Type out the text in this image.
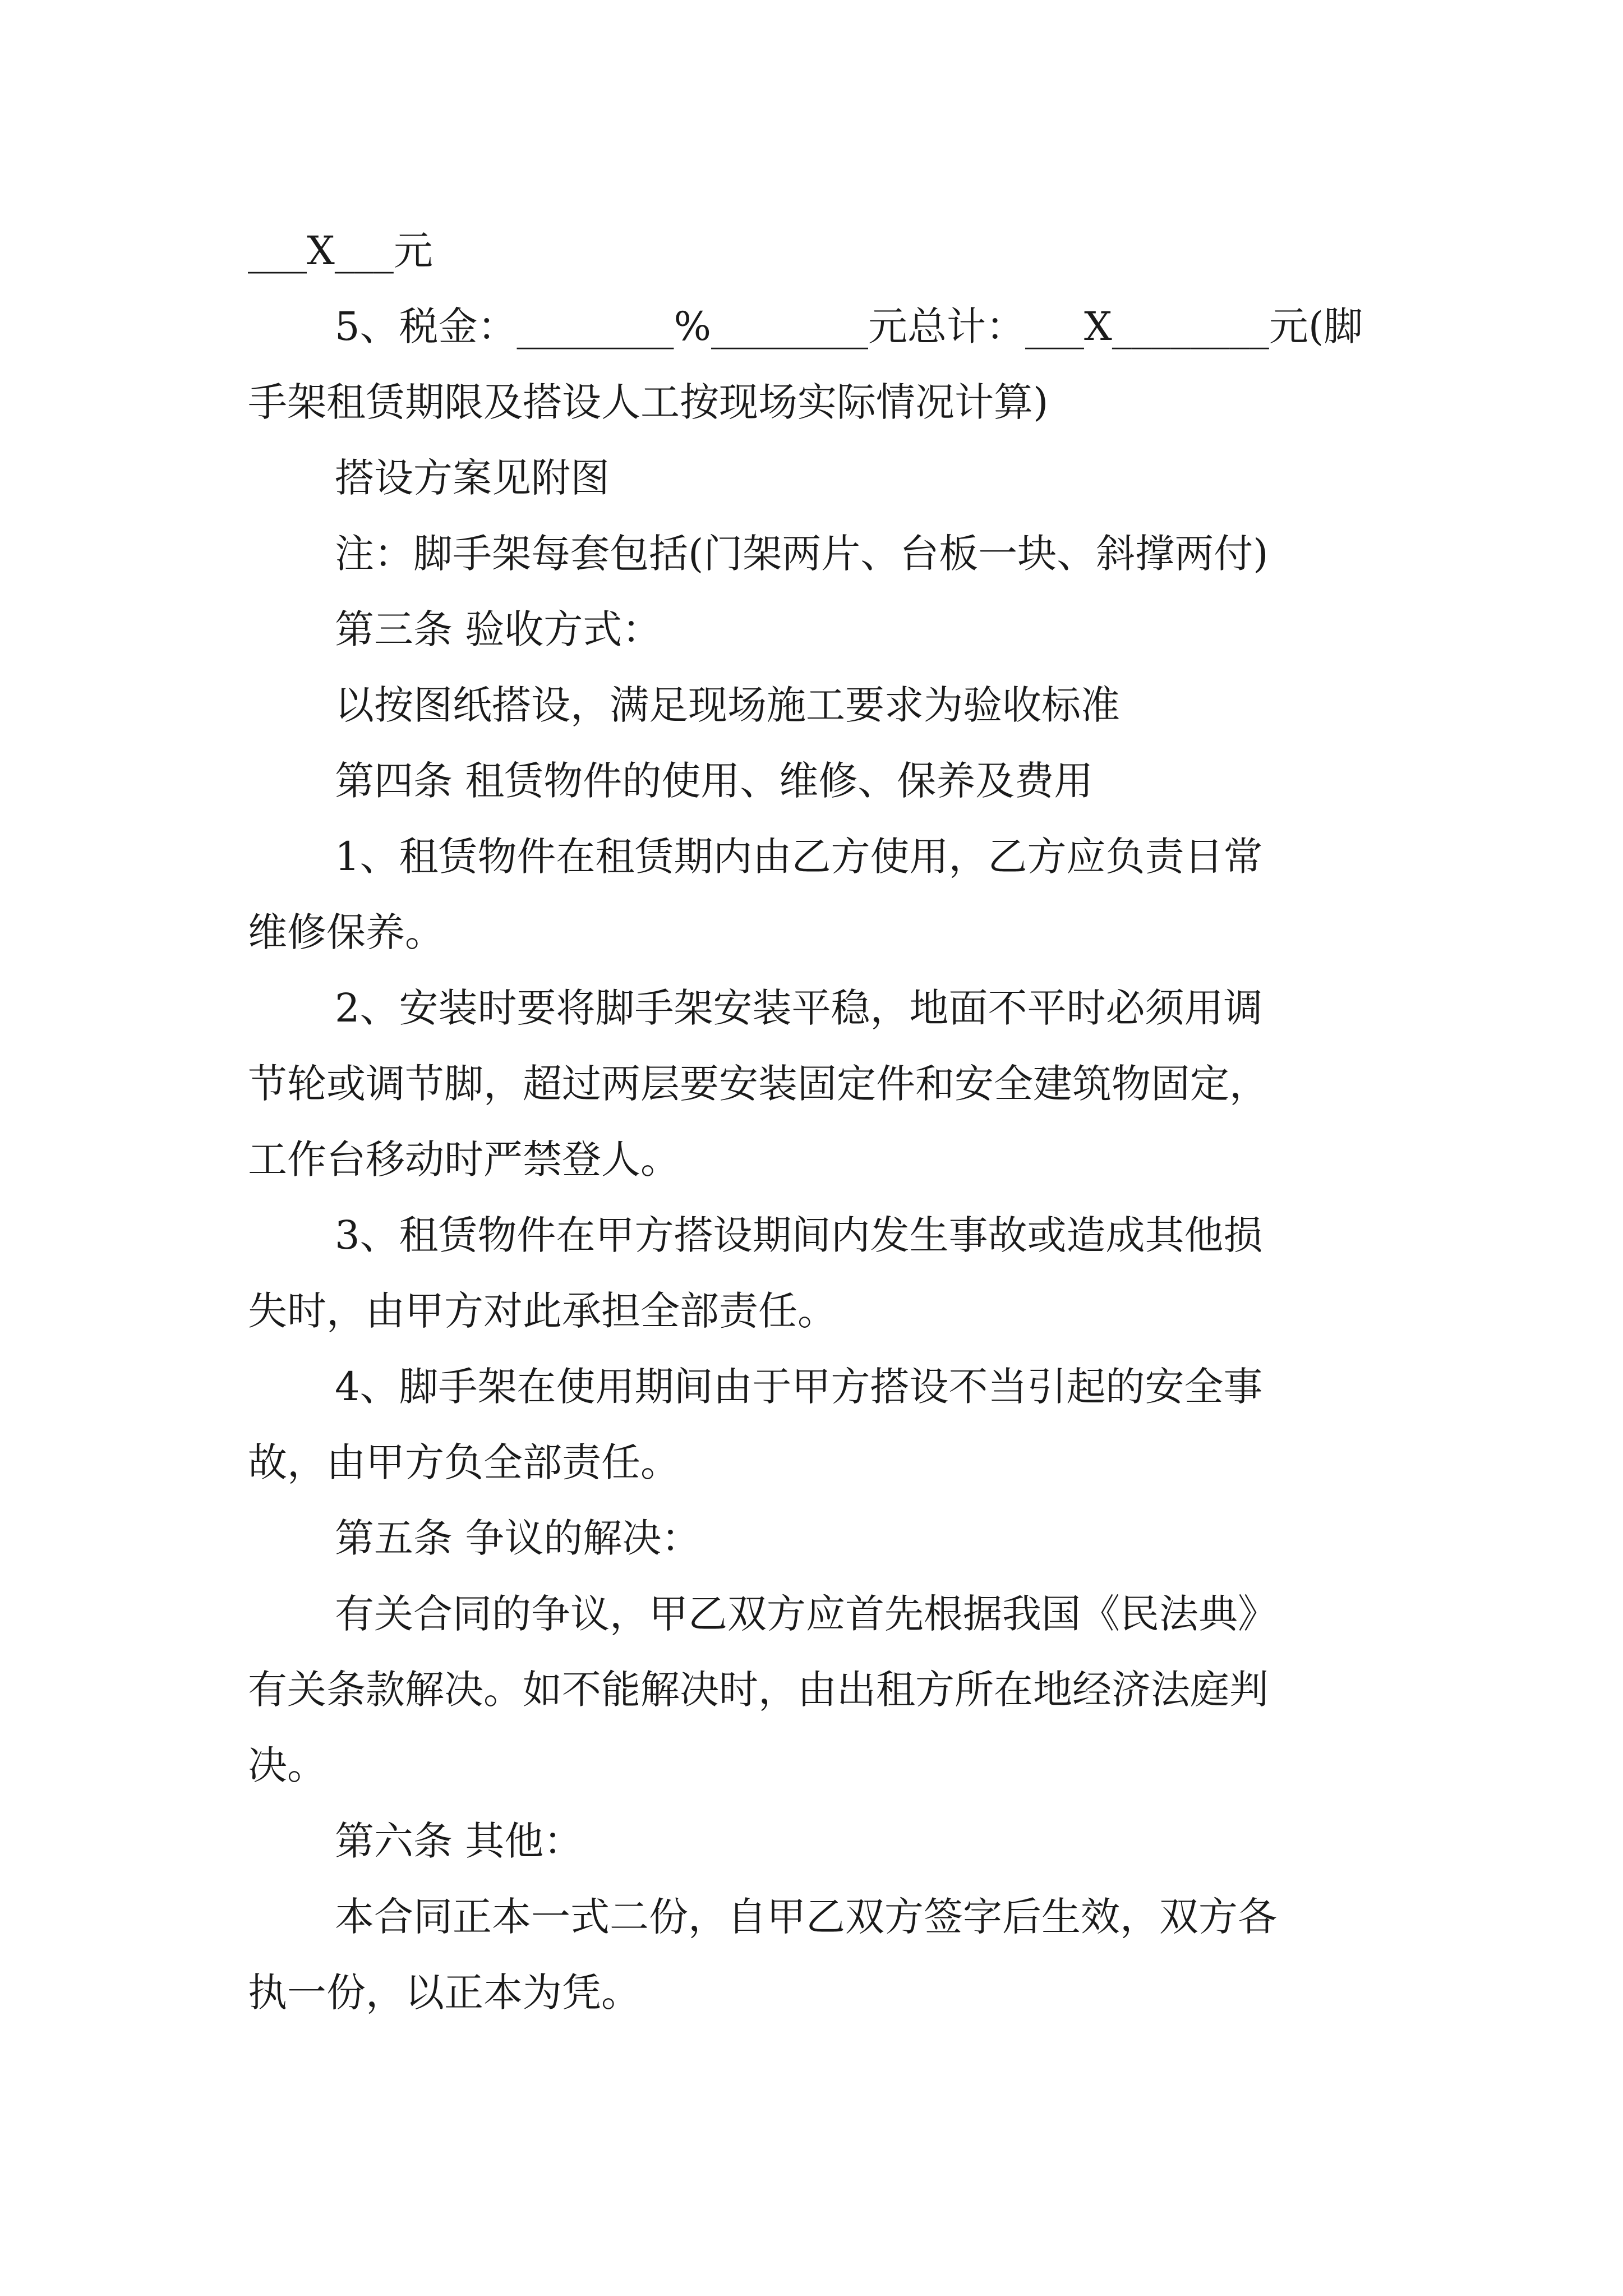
___X___元

5、税金：________%________元总计：___X________元(脚

手架租赁期限及搭设人工按现场实际情况计算)

搭设方案见附图

注：脚手架每套包括(门架两片、台板一块、斜撑两付)

第三条 验收方式：

以按图纸搭设，满足现场施工要求为验收标准

第四条 租赁物件的使用、维修、保养及费用

1、租赁物件在租赁期内由乙方使用，乙方应负责日常

维修保养。

2、安装时要将脚手架安装平稳，地面不平时必须用调

节轮或调节脚，超过两层要安装固定件和安全建筑物固定，

工作台移动时严禁登人。

3、租赁物件在甲方搭设期间内发生事故或造成其他损

失时，由甲方对此承担全部责任。

4、脚手架在使用期间由于甲方搭设不当引起的安全事

故，由甲方负全部责任。

第五条 争议的解决：

有关合同的争议，甲乙双方应首先根据我国《民法典》

有关条款解决。如不能解决时，由出租方所在地经济法庭判

决。

第六条 其他：

本合同正本一式二份，自甲乙双方签字后生效，双方各

执一份，以正本为凭。
